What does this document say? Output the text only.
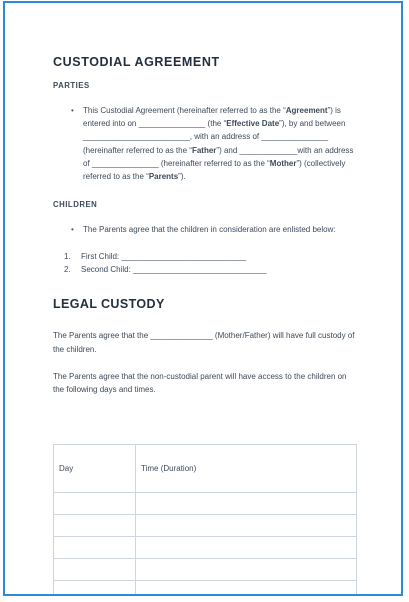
CUSTODIAL AGREEMENT
PARTIES
• This Custodial Agreement (hereinafter referred to as the “Agreement”) is entered into on _______________ (the “Effective Date”), by and between ________________________, with an address of _______________ (hereinafter referred to as the “Father”) and _____________with an address of _______________ (hereinafter referred to as the “Mother”) (collectively referred to as the “Parents”).
CHILDREN
• The Parents agree that the children in consideration are enlisted below:
1. First Child: ____________________________
2. Second Child: ______________________________
LEGAL CUSTODY

The Parents agree that the ______________ (Mother/Father) will have full custody of the children.

The Parents agree that the non-custodial parent will have access to the children on the following days and times.

Day	Time (Duration)
